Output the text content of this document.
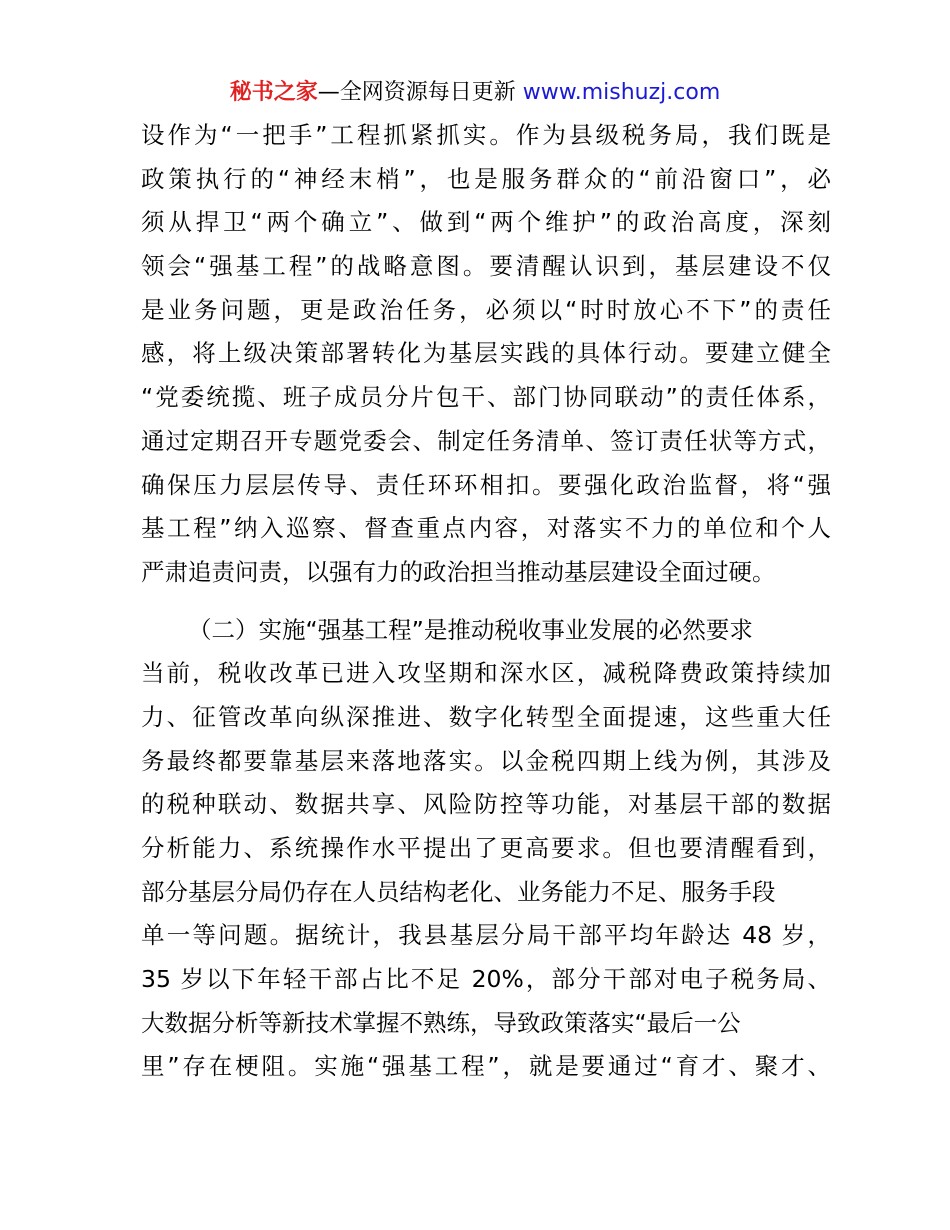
秘书之家—全网资源每日更新 www.mishuzj.com
设作为“一把手”工程抓紧抓实。作为县级税务局，我们既是
政策执行的“神经末梢”，也是服务群众的“前沿窗口”，必
须从捍卫“两个确立”、做到“两个维护”的政治高度，深刻
领会“强基工程”的战略意图。要清醒认识到，基层建设不仅
是业务问题，更是政治任务，必须以“时时放心不下”的责任
感，将上级决策部署转化为基层实践的具体行动。要建立健全
“党委统揽、班子成员分片包干、部门协同联动”的责任体系，
通过定期召开专题党委会、制定任务清单、签订责任状等方式，
确保压力层层传导、责任环环相扣。要强化政治监督，将“强
基工程”纳入巡察、督查重点内容，对落实不力的单位和个人
严肃追责问责，以强有力的政治担当推动基层建设全面过硬。
（二）实施“强基工程”是推动税收事业发展的必然要求
当前，税收改革已进入攻坚期和深水区，减税降费政策持续加
力、征管改革向纵深推进、数字化转型全面提速，这些重大任
务最终都要靠基层来落地落实。以金税四期上线为例，其涉及
的税种联动、数据共享、风险防控等功能，对基层干部的数据
分析能力、系统操作水平提出了更高要求。但也要清醒看到，
部分基层分局仍存在人员结构老化、业务能力不足、服务手段
单一等问题。据统计，我县基层分局干部平均年龄达 48 岁，
35 岁以下年轻干部占比不足 20%，部分干部对电子税务局、
大数据分析等新技术掌握不熟练，导致政策落实“最后一公
里”存在梗阻。实施“强基工程”，就是要通过“育才、聚才、
